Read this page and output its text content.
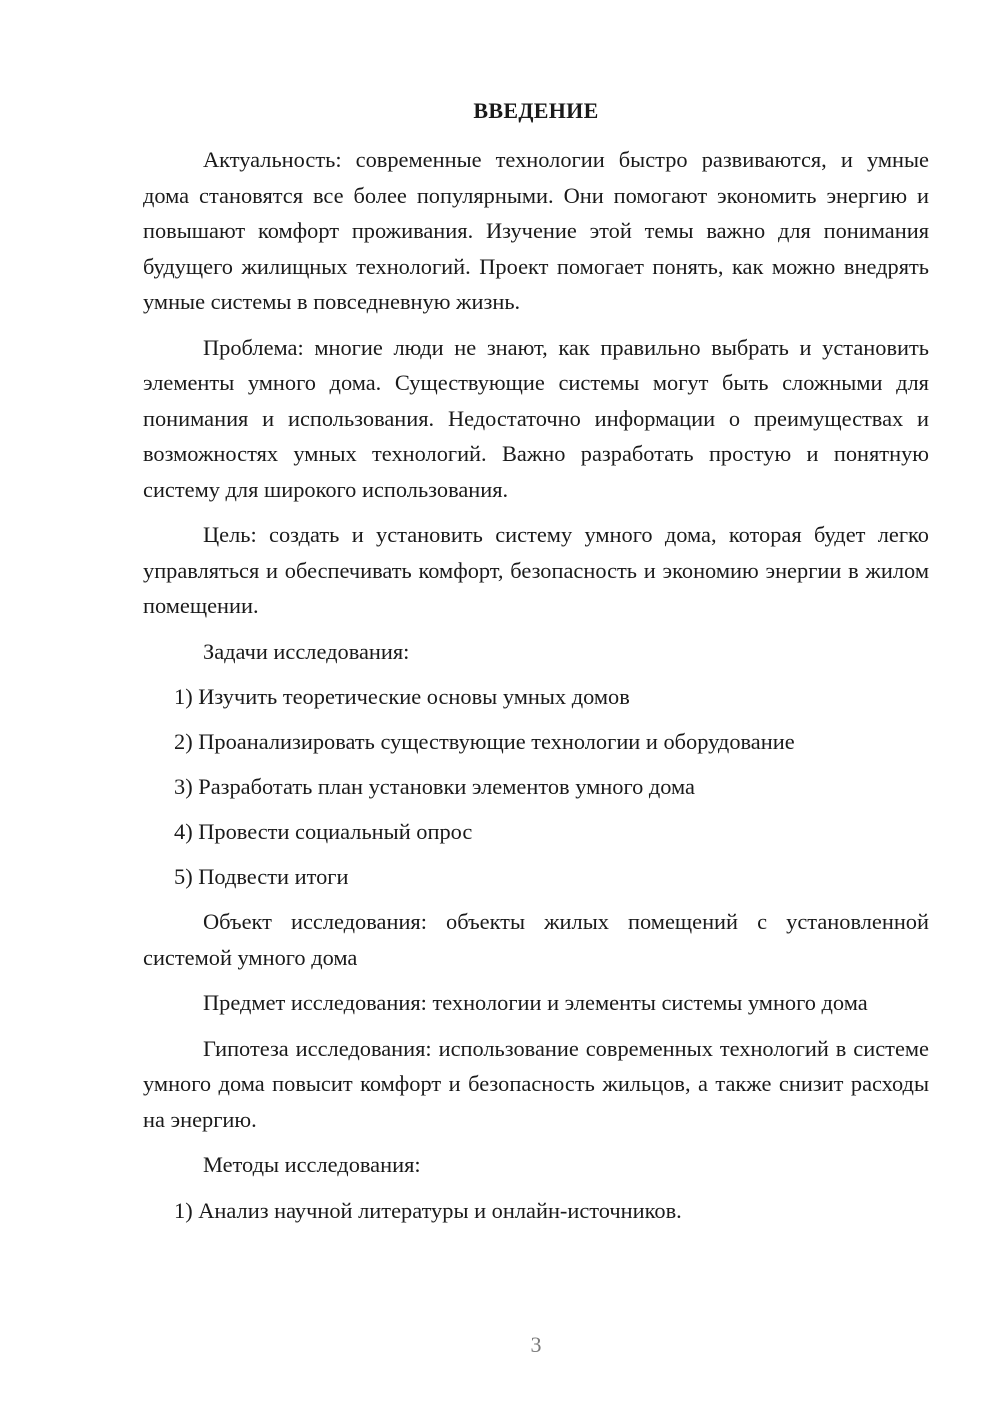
ВВЕДЕНИЕ

Актуальность: современные технологии быстро развиваются, и умные дома становятся все более популярными. Они помогают экономить энергию и повышают комфорт проживания. Изучение этой темы важно для понимания будущего жилищных технологий. Проект помогает понять, как можно внедрять умные системы в повседневную жизнь.

Проблема: многие люди не знают, как правильно выбрать и установить элементы умного дома. Существующие системы могут быть сложными для понимания и использования. Недостаточно информации о преимуществах и возможностях умных технологий. Важно разработать простую и понятную систему для широкого использования.

Цель: создать и установить систему умного дома, которая будет легко управляться и обеспечивать комфорт, безопасность и экономию энергии в жилом помещении.

Задачи исследования:

1) Изучить теоретические основы умных домов
2) Проанализировать существующие технологии и оборудование
3) Разработать план установки элементов умного дома
4) Провести социальный опрос
5) Подвести итоги

Объект исследования: объекты жилых помещений с установленной системой умного дома

Предмет исследования: технологии и элементы системы умного дома

Гипотеза исследования: использование современных технологий в системе умного дома повысит комфорт и безопасность жильцов, а также снизит расходы на энергию.

Методы исследования:

1) Анализ научной литературы и онлайн-источников.
3
